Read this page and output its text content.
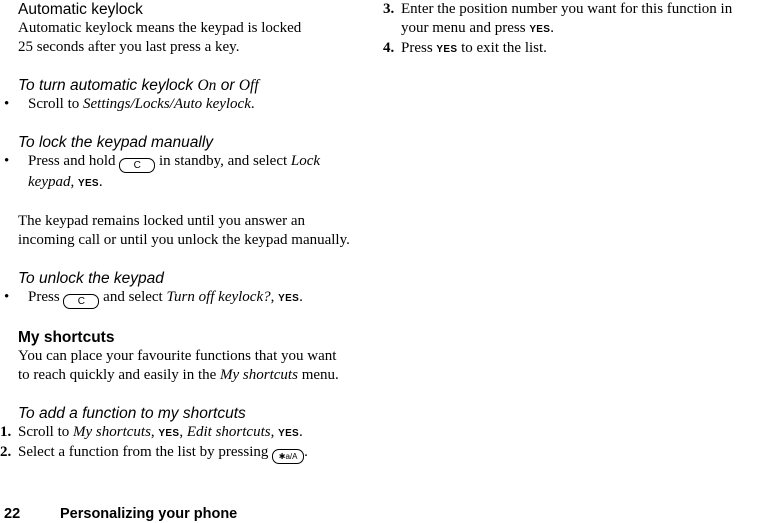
Automatic keylock

Automatic keylock means the keypad is locked

25 seconds after you last press a key.

To turn automatic keylock On or Off

• Scroll to Settings/Locks/Auto keylock.

To lock the keypad manually

• Press and hold C in standby, and select Lock
keypad, YES.

The keypad remains locked until you answer an

incoming call or until you unlock the keypad manually.

To unlock the keypad

• Press C and select Turn off keylock?, YES.

My shortcuts

You can place your favourite functions that you want

to reach quickly and easily in the My shortcuts menu.

To add a function to my shortcuts

1. Scroll to My shortcuts, YES, Edit shortcuts, YES.
2. Select a function from the list by pressing ✱a/A .
3. Enter the position number you want for this function in
your menu and press YES.
4. Press YES to exit the list.
22	Personalizing your phone
